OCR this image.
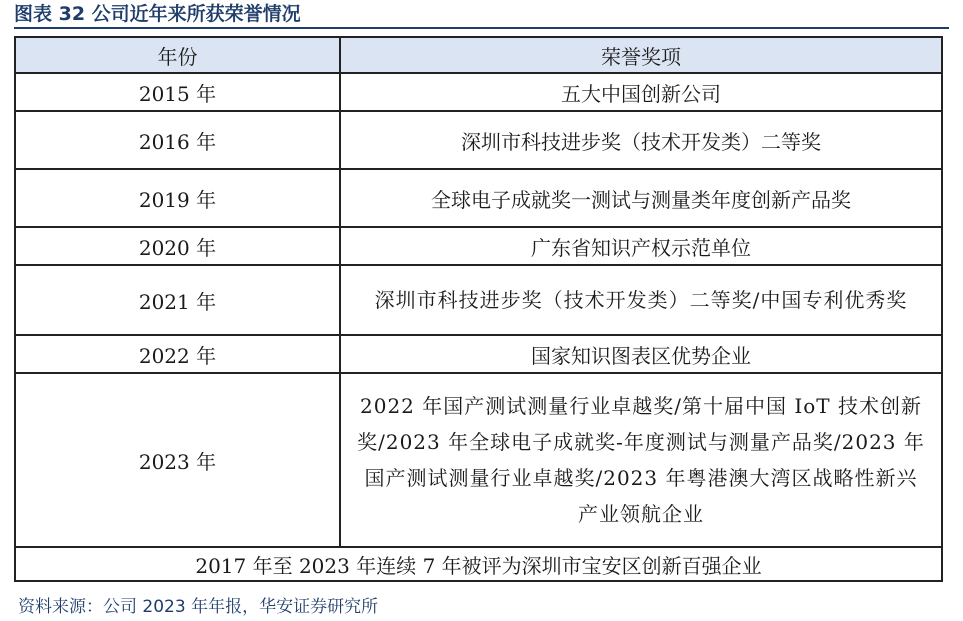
图表 32 公司近年来所获荣誉情况
年份	荣誉奖项
2015 年	五大中国创新公司
2016 年	深圳市科技进步奖（技术开发类）二等奖
2019 年	全球电子成就奖一测试与测量类年度创新产品奖
2020 年	广东省知识产权示范单位
2021 年	深圳市科技进步奖（技术开发类）二等奖/中国专利优秀奖
2022 年	国家知识图表区优势企业
2023 年	2022 年国产测试测量行业卓越奖/第十届中国 IoT 技术创新奖/2023 年全球电子成就奖-年度测试与测量产品奖/2023 年国产测试测量行业卓越奖/2023 年粤港澳大湾区战略性新兴产业领航企业
2017 年至 2023 年连续 7 年被评为深圳市宝安区创新百强企业	
资料来源：公司 2023 年年报，华安证券研究所
